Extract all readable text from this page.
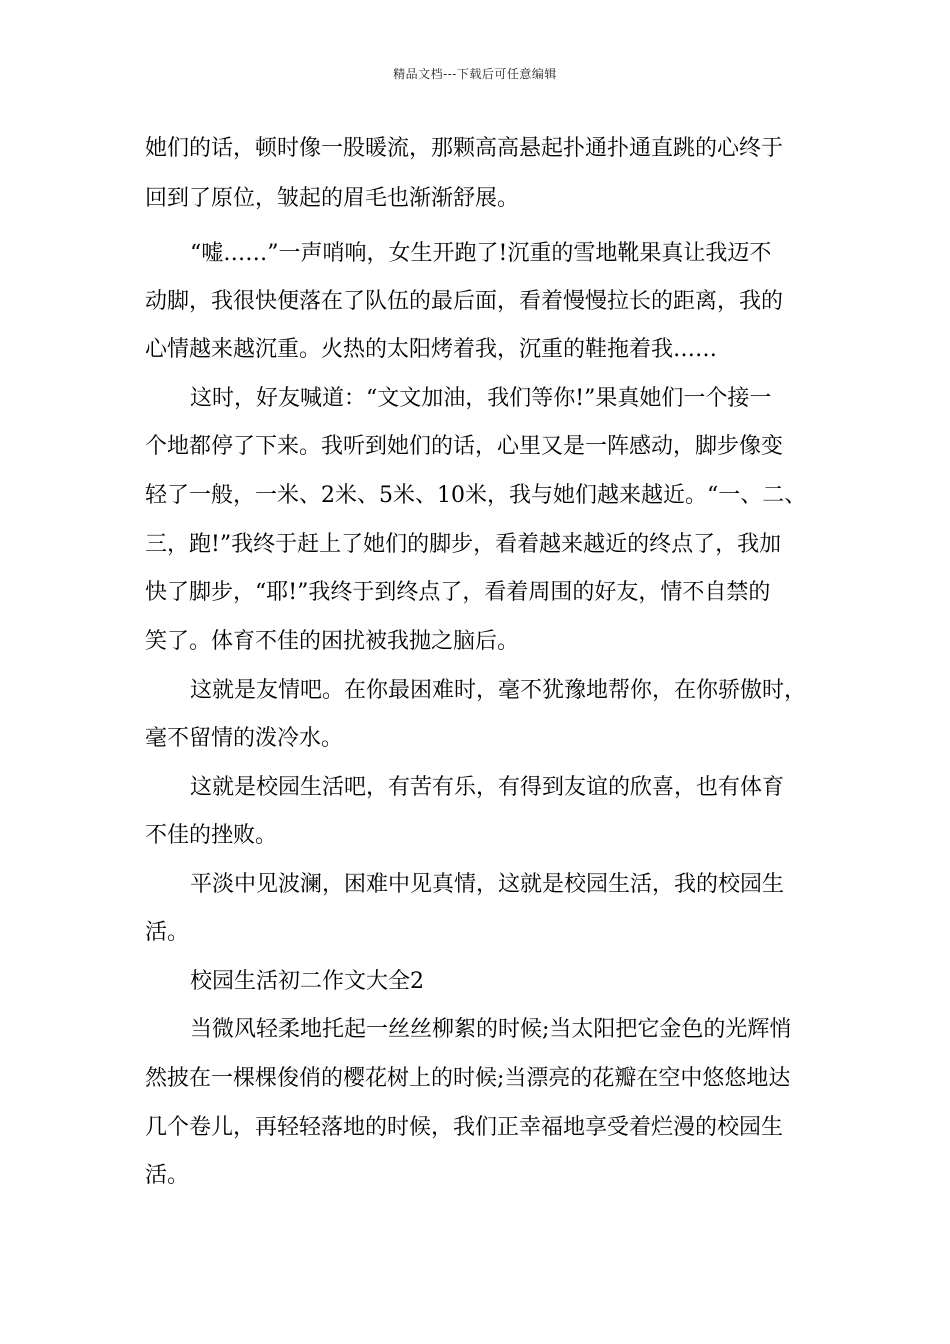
精品文档---下载后可任意编辑
她们的话，顿时像一股暖流，那颗高高悬起扑通扑通直跳的心终于
回到了原位，皱起的眉毛也渐渐舒展。
“嘘……”一声哨响，女生开跑了!沉重的雪地靴果真让我迈不
动脚，我很快便落在了队伍的最后面，看着慢慢拉长的距离，我的
心情越来越沉重。火热的太阳烤着我，沉重的鞋拖着我……
这时，好友喊道：“文文加油，我们等你!”果真她们一个接一
个地都停了下来。我听到她们的话，心里又是一阵感动，脚步像变
轻了一般，一米、2米、5米、10米，我与她们越来越近。“一、二、
三，跑!”我终于赶上了她们的脚步，看着越来越近的终点了，我加
快了脚步，“耶!”我终于到终点了，看着周围的好友，情不自禁的
笑了。体育不佳的困扰被我抛之脑后。
这就是友情吧。在你最困难时，毫不犹豫地帮你，在你骄傲时，
毫不留情的泼冷水。
这就是校园生活吧，有苦有乐，有得到友谊的欣喜，也有体育
不佳的挫败。
平淡中见波澜，困难中见真情，这就是校园生活，我的校园生
活。
校园生活初二作文大全2
当微风轻柔地托起一丝丝柳絮的时候;当太阳把它金色的光辉悄
然披在一棵棵俊俏的樱花树上的时候;当漂亮的花瓣在空中悠悠地达
几个卷儿，再轻轻落地的时候，我们正幸福地享受着烂漫的校园生
活。
